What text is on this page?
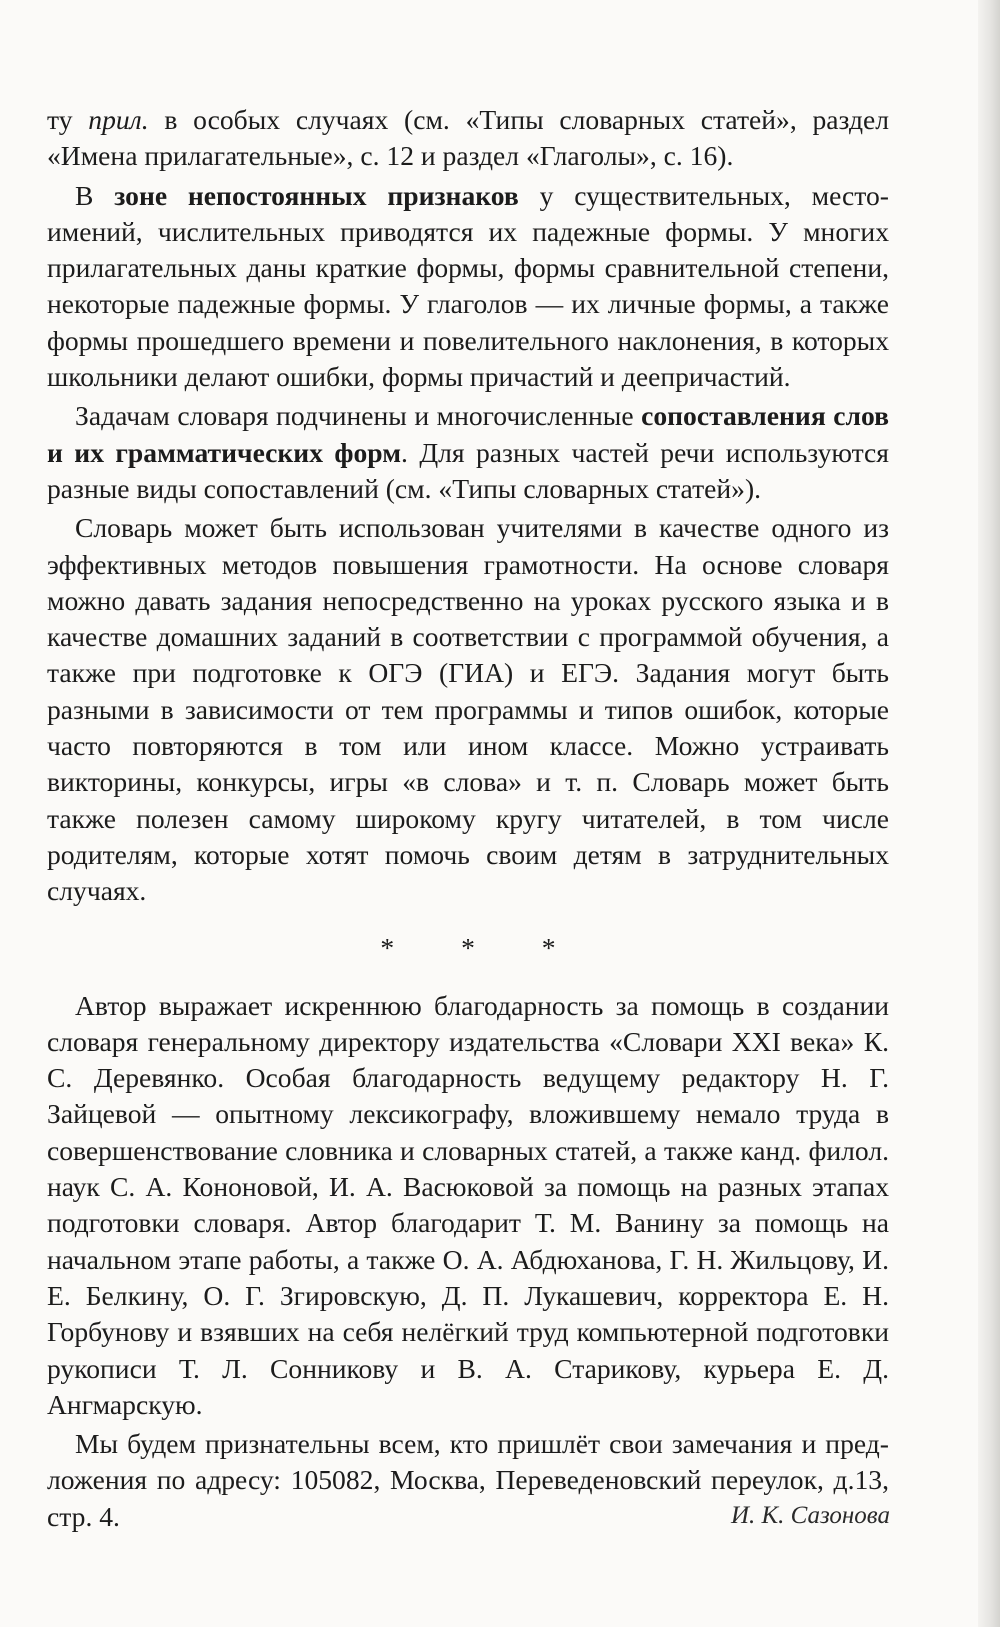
ту прил. в особых случаях (см. «Типы словарных статей», раздел «Имена прилагательные», с. 12 и раздел «Глаголы», с. 16).

В зоне непостоянных признаков у существительных, местоимений, числительных приводятся их падежные формы. У многих прилагательных даны краткие формы, формы сравнительной степени, некоторые падежные формы. У глаголов — их личные формы, а также формы прошедшего времени и повелительного наклонения, в которых школьники делают ошибки, формы причастий и деепричастий.

Задачам словаря подчинены и многочисленные сопоставления слов и их грамматических форм. Для разных частей речи используются разные виды сопоставлений (см. «Типы словарных статей»).

Словарь может быть использован учителями в качестве одного из эффективных методов повышения грамотности. На основе словаря можно давать задания непосредственно на уроках русского языка и в качестве домашних заданий в соответствии с программой обучения, а также при подготовке к ОГЭ (ГИА) и ЕГЭ. Задания могут быть разными в зависимости от тем программы и типов ошибок, которые часто повторяются в том или ином классе. Можно устраивать викторины, конкурсы, игры «в слова» и т. п. Словарь может быть также полезен самому широкому кругу читателей, в том числе родителям, которые хотят помочь своим детям в затруднительных случаях.

* * *

Автор выражает искреннюю благодарность за помощь в создании словаря генеральному директору издательства «Словари XXI века» К. С. Деревянко. Особая благодарность ведущему редактору Н. Г. Зайцевой — опытному лексикографу, вложившему немало труда в совершенствование словника и словарных статей, а также канд. филол. наук С. А. Кононовой, И. А. Васюковой за помощь на разных этапах подготовки словаря. Автор благодарит Т. М. Ванину за помощь на начальном этапе работы, а также О. А. Абдюханова, Г. Н. Жильцову, И. Е. Белкину, О. Г. Згировскую, Д. П. Лукашевич, корректора Е. Н. Горбунову и взявших на себя нелёгкий труд компьютерной подготовки рукописи Т. Л. Сонникову и В. А. Старикову, курьера Е. Д. Ангмарскую.

Мы будем признательны всем, кто пришлёт свои замечания и предложения по адресу: 105082, Москва, Переведеновский переулок, д.13, стр. 4.	И. К. Сазонова
